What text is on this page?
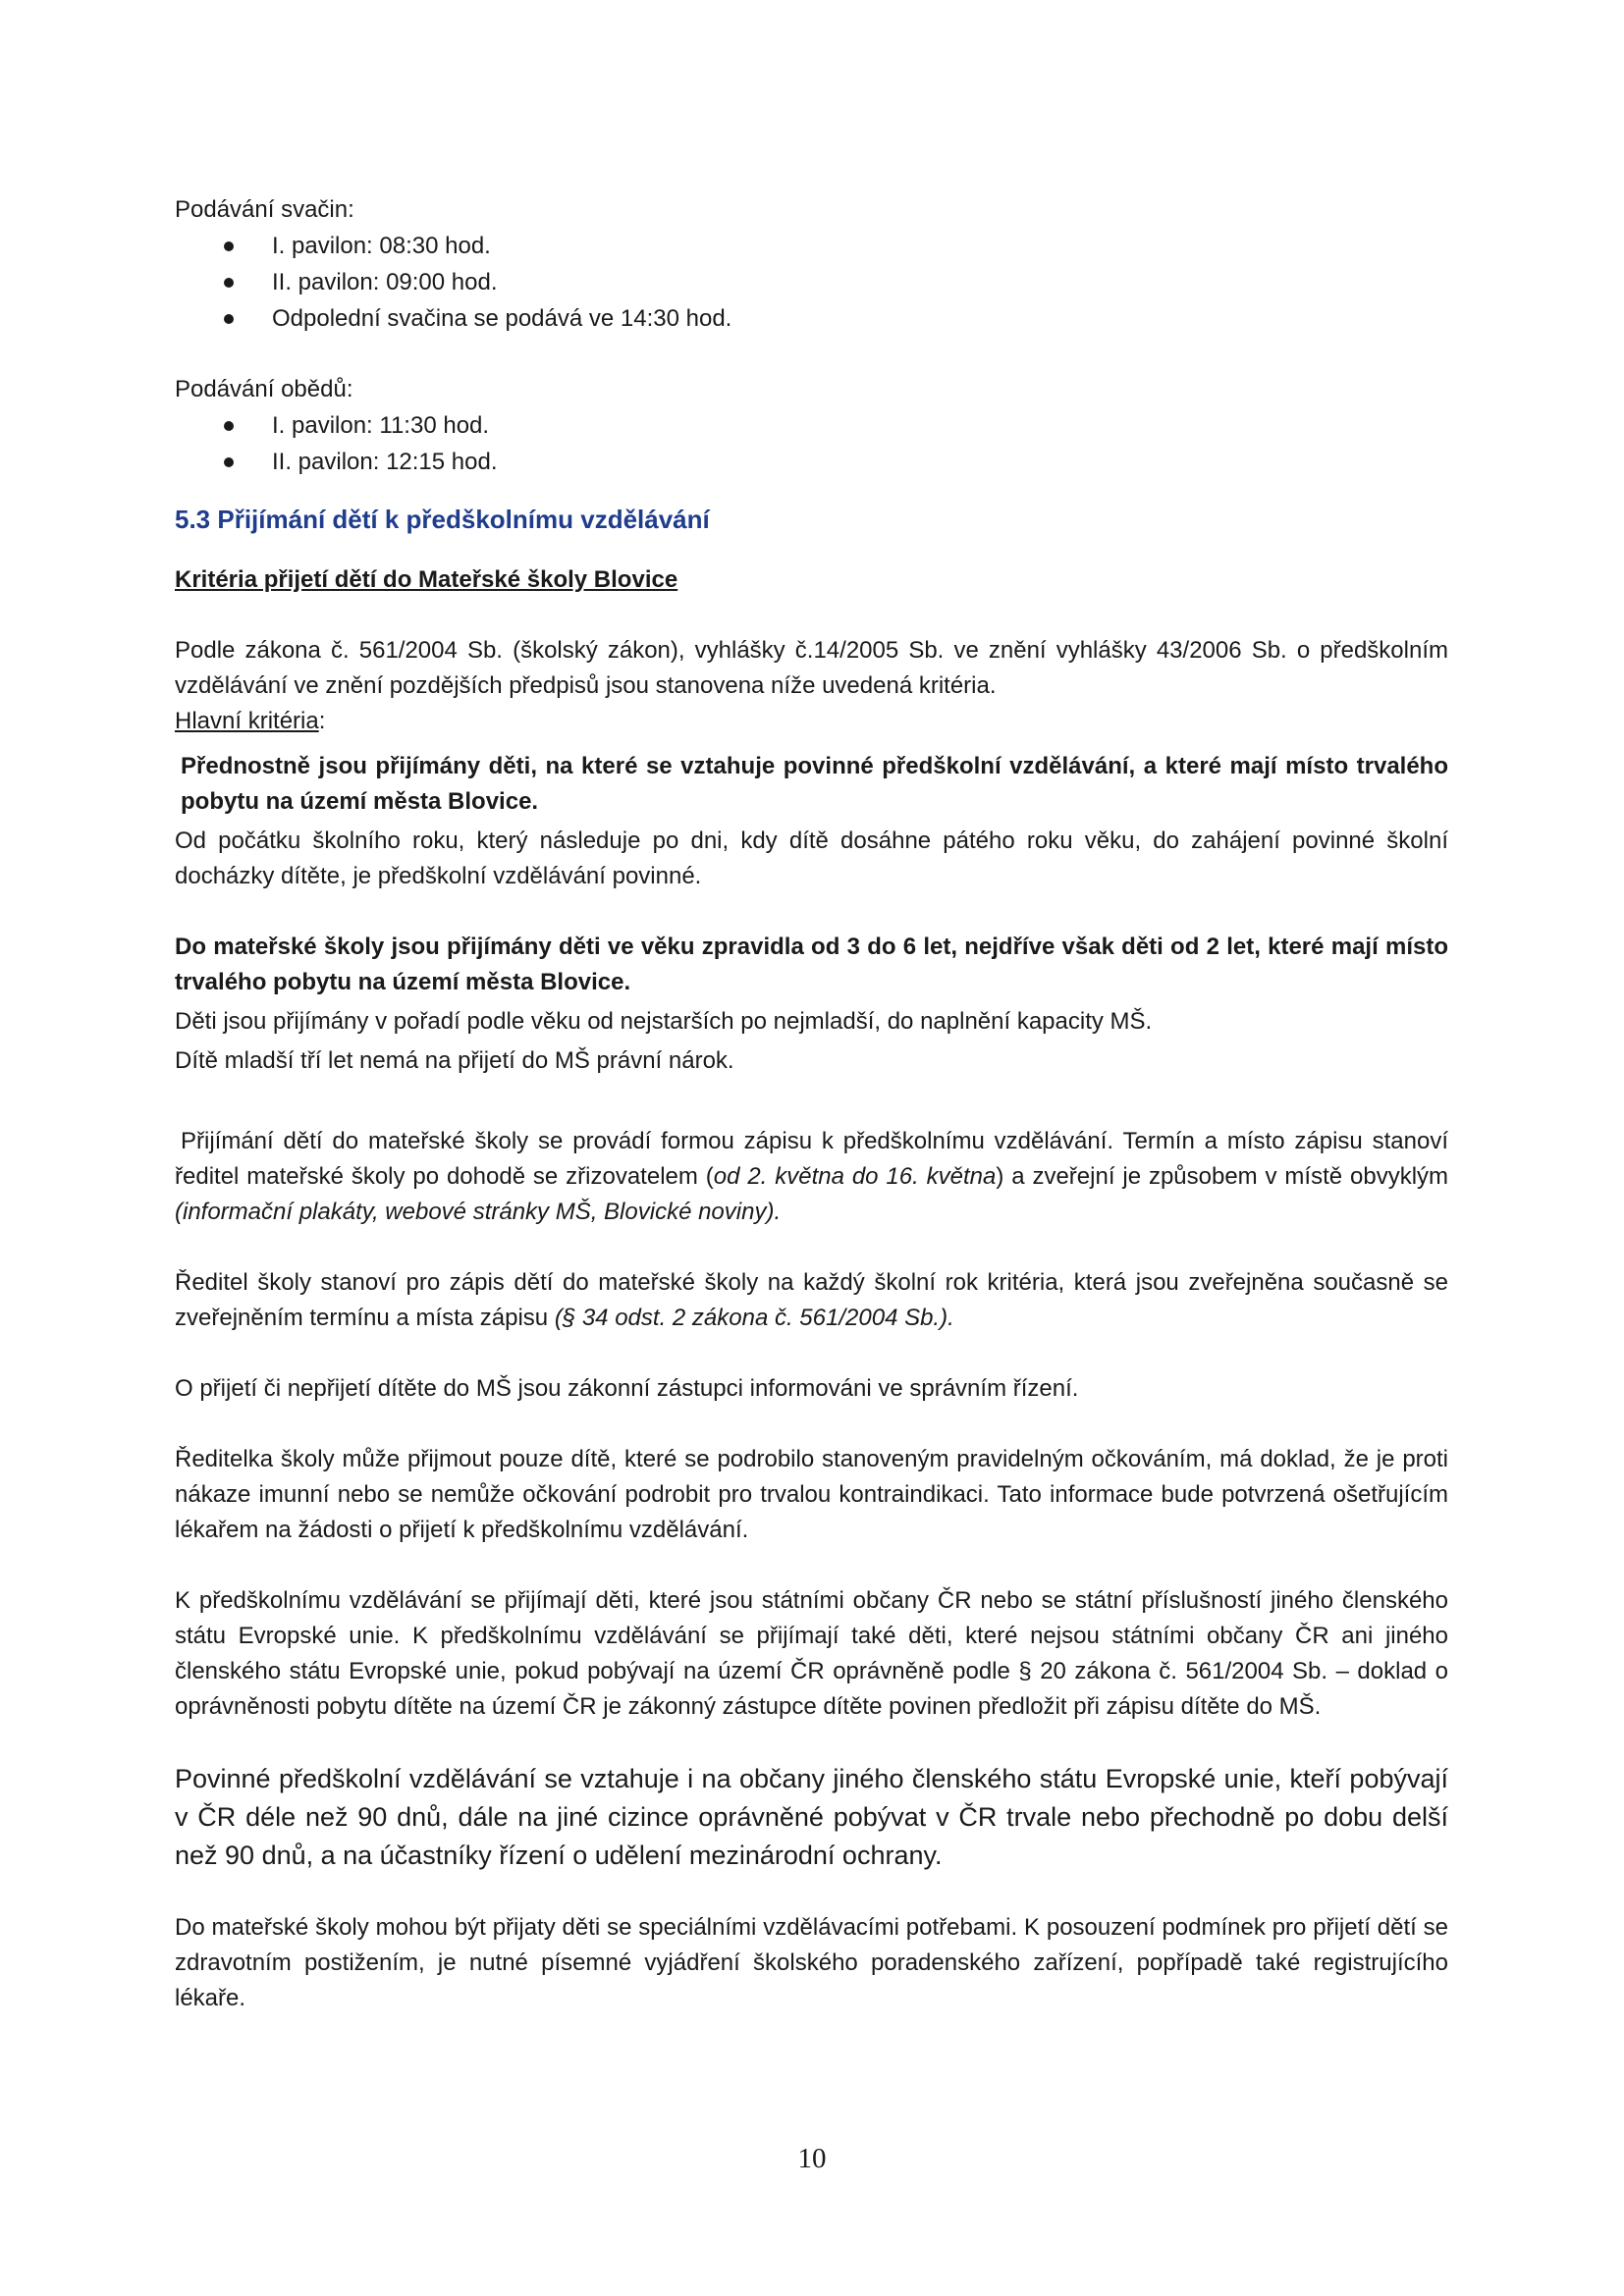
Podávání svačin:

I. pavilon: 08:30 hod.
II. pavilon: 09:00 hod.
Odpolední svačina se podává ve 14:30 hod.

Podávání obědů:

I. pavilon: 11:30 hod.
II. pavilon: 12:15 hod.

5.3 Přijímání dětí k předškolnímu vzdělávání

Kritéria přijetí dětí do Mateřské školy Blovice

Podle zákona č. 561/2004 Sb. (školský zákon), vyhlášky č.14/2005 Sb. ve znění vyhlášky 43/2006 Sb. o předškolním vzdělávání ve znění pozdějších předpisů jsou stanovena níže uvedená kritéria.

Hlavní kritéria:

Přednostně jsou přijímány děti, na které se vztahuje povinné předškolní vzdělávání, a které mají místo trvalého pobytu na území města Blovice.

Od počátku školního roku, který následuje po dni, kdy dítě dosáhne pátého roku věku, do zahájení povinné školní docházky dítěte, je předškolní vzdělávání povinné.

Do mateřské školy jsou přijímány děti ve věku zpravidla od 3 do 6 let, nejdříve však děti od 2 let, které mají místo trvalého pobytu na území města Blovice.

Děti jsou přijímány v pořadí podle věku od nejstarších po nejmladší, do naplnění kapacity MŠ.

Dítě mladší tří let nemá na přijetí do MŠ právní nárok.

Přijímání dětí do mateřské školy se provádí formou zápisu k předškolnímu vzdělávání. Termín a místo zápisu stanoví ředitel mateřské školy po dohodě se zřizovatelem (od 2. května do 16. května) a zveřejní je způsobem v místě obvyklým (informační plakáty, webové stránky MŠ, Blovické noviny).

Ředitel školy stanoví pro zápis dětí do mateřské školy na každý školní rok kritéria, která jsou zveřejněna současně se zveřejněním termínu a místa zápisu (§ 34 odst. 2 zákona č. 561/2004 Sb.).

O přijetí či nepřijetí dítěte do MŠ jsou zákonní zástupci informováni ve správním řízení.

Ředitelka školy může přijmout pouze dítě, které se podrobilo stanoveným pravidelným očkováním, má doklad, že je proti nákaze imunní nebo se nemůže očkování podrobit pro trvalou kontraindikaci. Tato informace bude potvrzená ošetřujícím lékařem na žádosti o přijetí k předškolnímu vzdělávání.

K předškolnímu vzdělávání se přijímají děti, které jsou státními občany ČR nebo se státní příslušností jiného členského státu Evropské unie. K předškolnímu vzdělávání se přijímají také děti, které nejsou státními občany ČR ani jiného členského státu Evropské unie, pokud pobývají na území ČR oprávněně podle § 20 zákona č. 561/2004 Sb. – doklad o oprávněnosti pobytu dítěte na území ČR je zákonný zástupce dítěte povinen předložit při zápisu dítěte do MŠ.

Povinné předškolní vzdělávání se vztahuje i na občany jiného členského státu Evropské unie, kteří pobývají v ČR déle než 90 dnů, dále na jiné cizince oprávněné pobývat v ČR trvale nebo přechodně po dobu delší než 90 dnů, a na účastníky řízení o udělení mezinárodní ochrany.

Do mateřské školy mohou být přijaty děti se speciálními vzdělávacími potřebami. K posouzení podmínek pro přijetí dětí se zdravotním postižením, je nutné písemné vyjádření školského poradenského zařízení, popřípadě také registrujícího lékaře.

10
